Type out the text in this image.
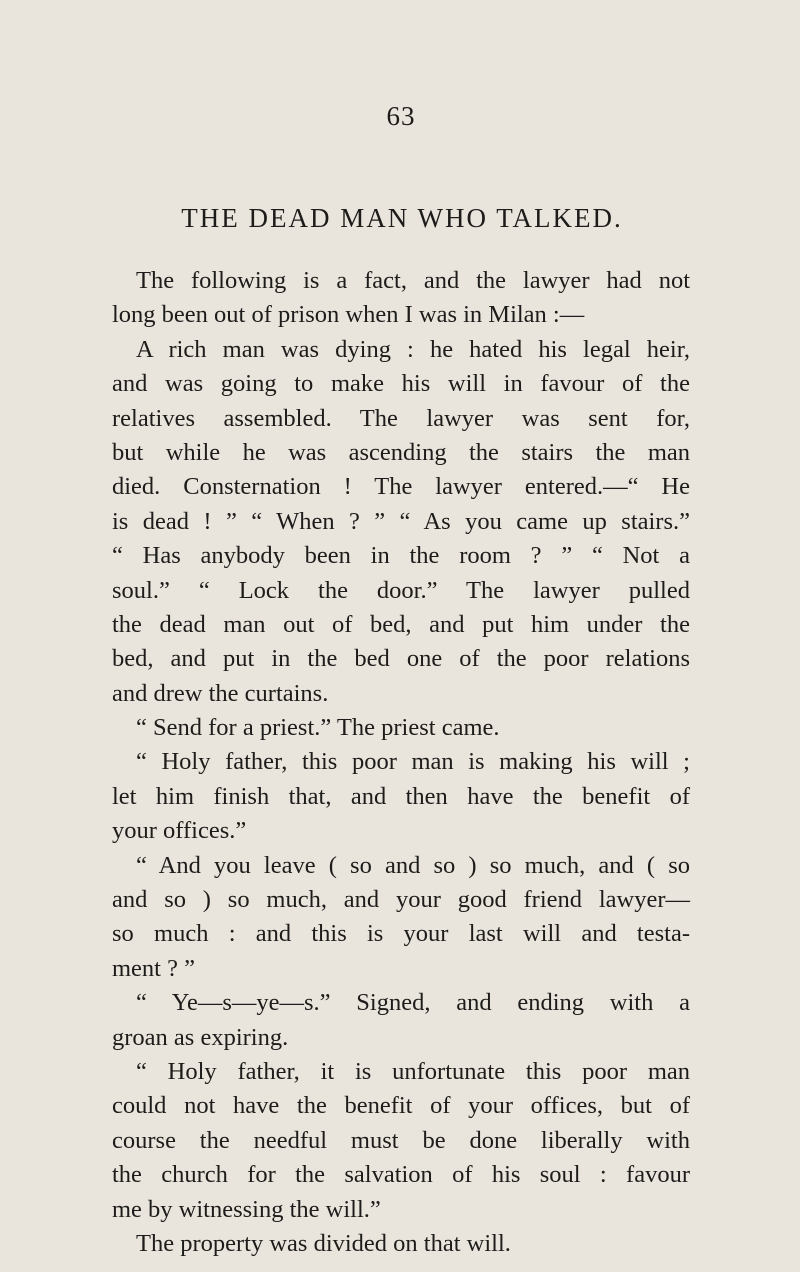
63
THE DEAD MAN WHO TALKED.
The following is a fact, and the lawyer had not
long been out of prison when I was in Milan :—
A rich man was dying : he hated his legal heir,
and was going to make his will in favour of the
relatives assembled. The lawyer was sent for,
but while he was ascending the stairs the man
died. Consternation ! The lawyer entered.—“ He
is dead ! ” “ When ? ” “ As you came up stairs.”
“ Has anybody been in the room ? ” “ Not a
soul.” “ Lock the door.” The lawyer pulled
the dead man out of bed, and put him under the
bed, and put in the bed one of the poor relations
and drew the curtains.
“ Send for a priest.” The priest came.
“ Holy father, this poor man is making his will ;
let him finish that, and then have the benefit of
your offices.”
“ And you leave ( so and so ) so much, and ( so
and so ) so much, and your good friend lawyer—
so much : and this is your last will and testa-
ment ? ”
“ Ye—s—ye—s.” Signed, and ending with a
groan as expiring.
“ Holy father, it is unfortunate this poor man
could not have the benefit of your offices, but of
course the needful must be done liberally with
the church for the salvation of his soul : favour
me by witnessing the will.”
The property was divided on that will.
